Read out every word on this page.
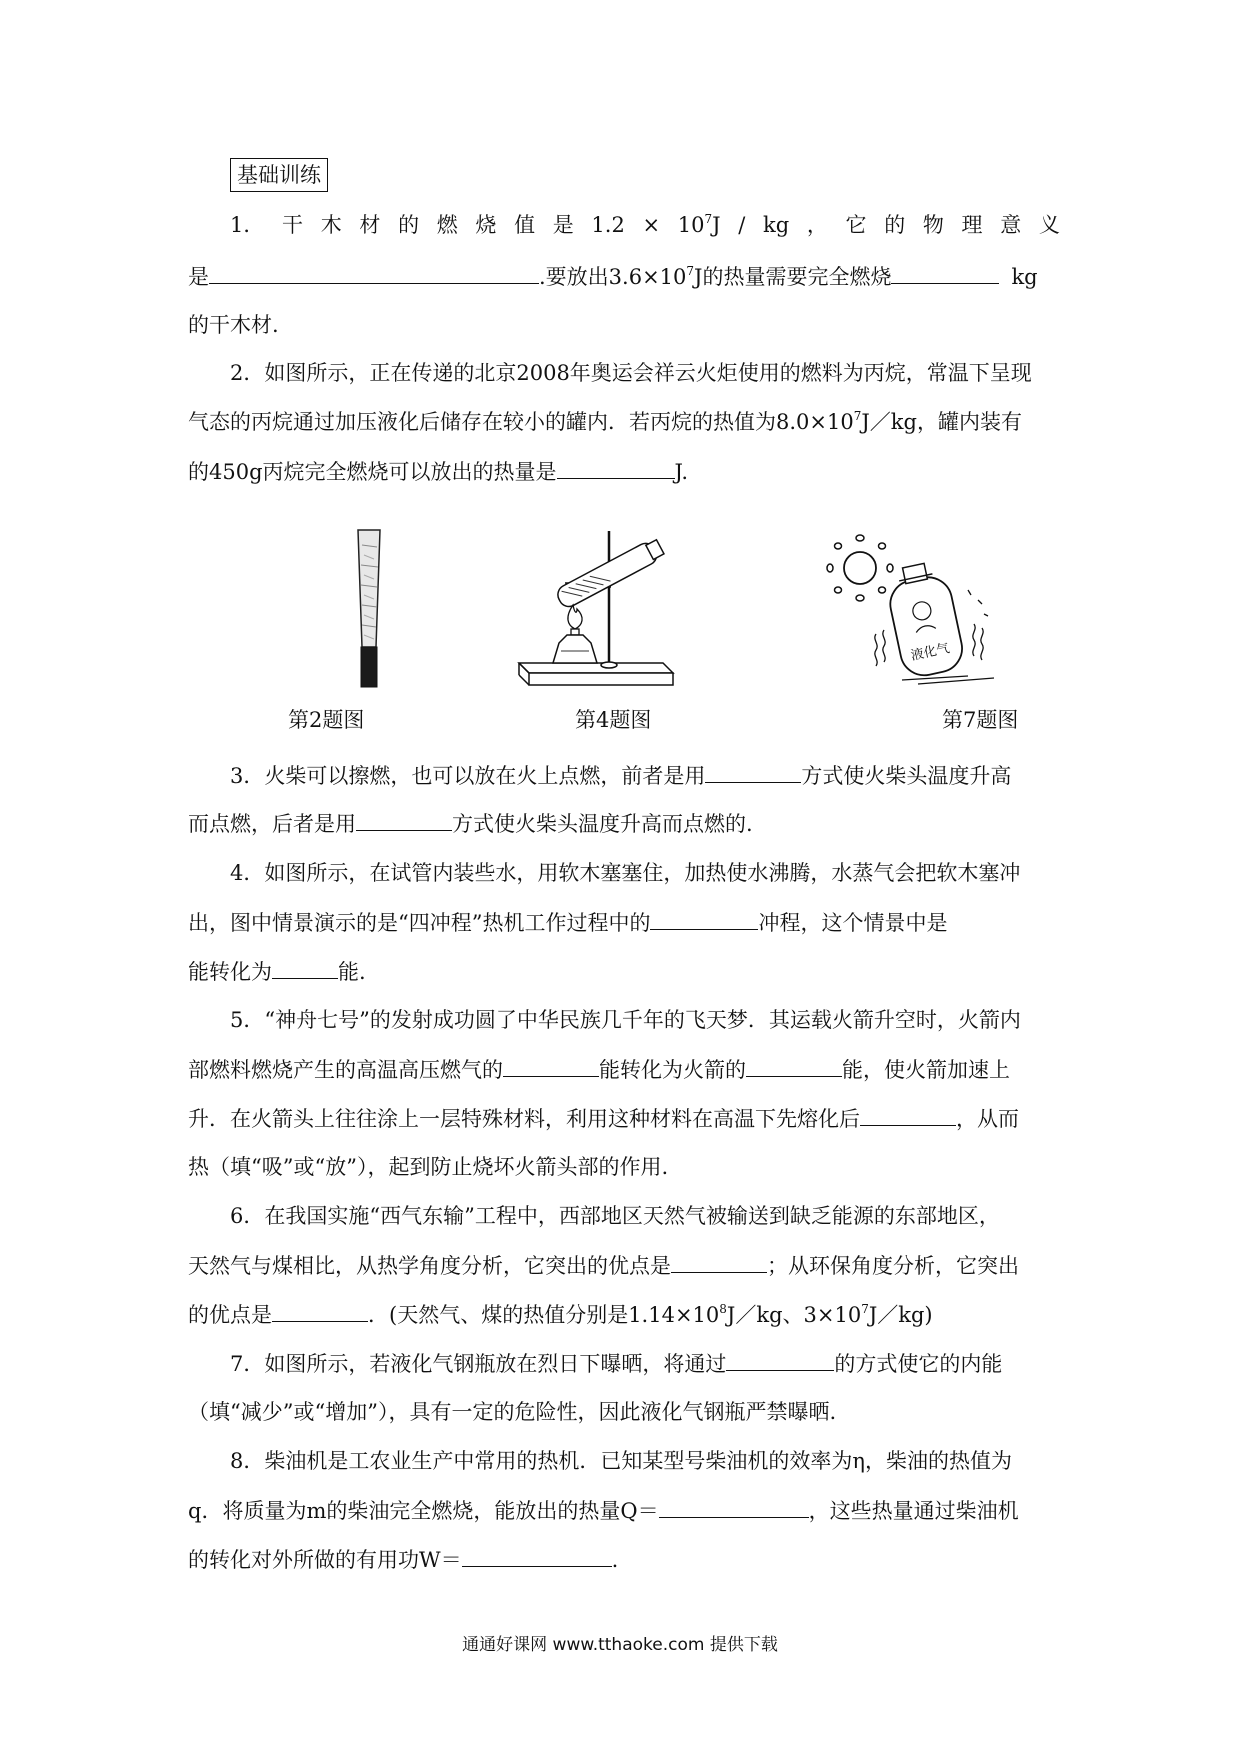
基础训练
1． 干 木 材 的 燃 烧 值 是 $1.2 \times 10^7J$ / kg ， 它 的 物 理 意 义
是	.要放出$3.6\times 10^7J$的热量需要完全燃烧	kg
的干木材.
2．如图所示，正在传递的北京2008年奥运会祥云火炬使用的燃料为丙烷，常温下呈现
气态的丙烷通过加压液化后储存在较小的罐内．若丙烷的热值为$8.0\times 10^7J/kg$，罐内装有
的450g丙烷完全燃烧可以放出的热量是	J.
液化气
第2题图	第4题图	第7题图
3．火柴可以擦燃，也可以放在火上点燃，前者是用	方式使火柴头温度升高
而点燃，后者是用	方式使火柴头温度升高而点燃的.
4．如图所示，在试管内装些水，用软木塞塞住，加热使水沸腾，水蒸气会把软木塞冲
出，图中情景演示的是“四冲程”热机工作过程中的	冲程，这个情景中是
能转化为	能.
5．“神舟七号”的发射成功圆了中华民族几千年的飞天梦．其运载火箭升空时，火箭内
部燃料燃烧产生的高温高压燃气的	能转化为火箭的	能，使火箭加速上
升．在火箭头上往往涂上一层特殊材料，利用这种材料在高温下先熔化后	，从而
热（填“吸”或“放”），起到防止烧坏火箭头部的作用.
6．在我国实施“西气东输”工程中，西部地区天然气被输送到缺乏能源的东部地区，
天然气与煤相比，从热学角度分析，它突出的优点是	；从环保角度分析，它突出
的优点是	．(天然气、煤的热值分别是$1.14\times 10^8J/kg$、$3\times 10^7J/kg$)
7．如图所示，若液化气钢瓶放在烈日下曝晒，将通过	的方式使它的内能
（填“减少”或“增加”），具有一定的危险性，因此液化气钢瓶严禁曝晒.
8．柴油机是工农业生产中常用的热机．已知某型号柴油机的效率为η，柴油的热值为
q．将质量为m的柴油完全燃烧，能放出的热量Q＝	，这些热量通过柴油机
的转化对外所做的有用功W＝	.
通通好课网 www.tthaoke.com 提供下载
